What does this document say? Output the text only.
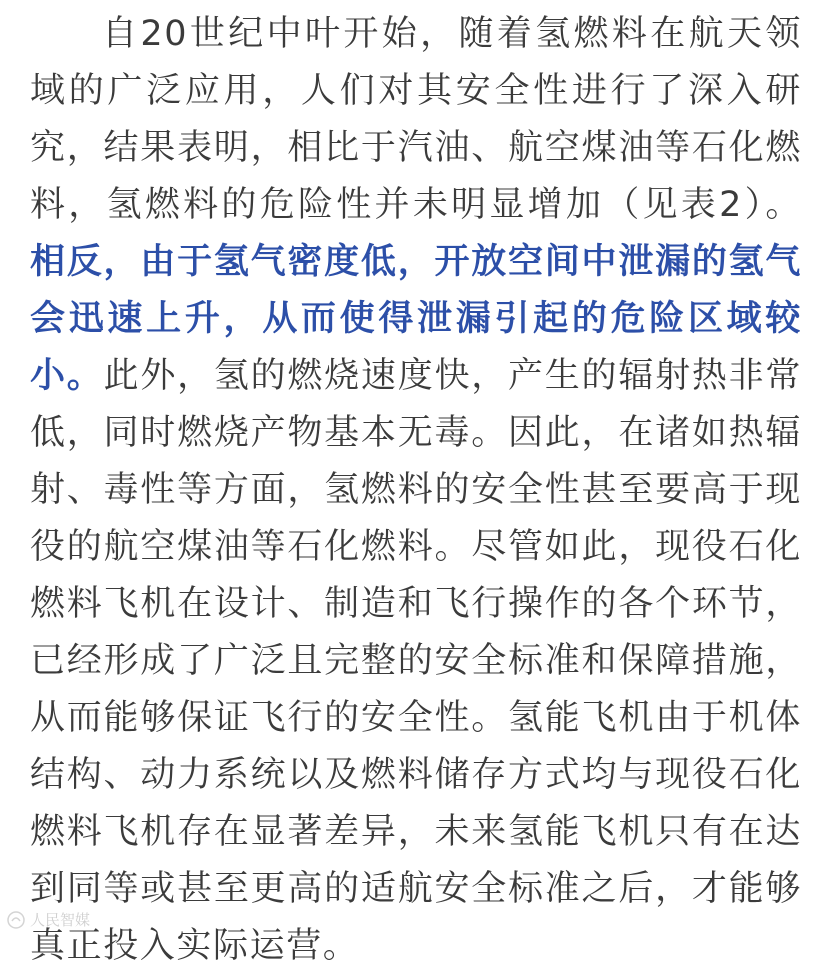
自20世纪中叶开始，随着氢燃料在航天领域的广泛应用，人们对其安全性进行了深入研究，结果表明，相比于汽油、航空煤油等石化燃料，氢燃料的危险性并未明显增加（见表2）。相反，由于氢气密度低，开放空间中泄漏的氢气会迅速上升，从而使得泄漏引起的危险区域较小。此外，氢的燃烧速度快，产生的辐射热非常低，同时燃烧产物基本无毒。因此，在诸如热辐射、毒性等方面，氢燃料的安全性甚至要高于现役的航空煤油等石化燃料。尽管如此，现役石化燃料飞机在设计、制造和飞行操作的各个环节，已经形成了广泛且完整的安全标准和保障措施，从而能够保证飞行的安全性。氢能飞机由于机体结构、动力系统以及燃料储存方式均与现役石化燃料飞机存在显著差异，未来氢能飞机只有在达到同等或甚至更高的适航安全标准之后，才能够真正投入实际运营。

人民智媒
